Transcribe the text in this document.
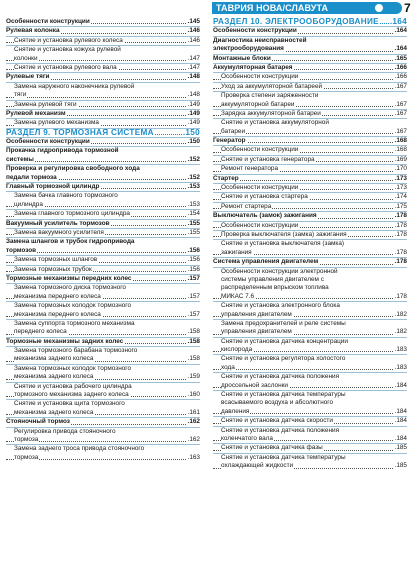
ТАВРИЯ НОВА/СЛАВУТА	7
Особенности конструкции	.145
Рулевая колонка	.146
Снятие и установка рулевого колеса	.146
Снятие и установка кожуха рулевой
колонки	.147
Снятие и установка рулевого вала	.147
Рулевые тяги	.148
Замена наружного наконечника рулевой
тяги	.148
Замена рулевой тяги	.149
Рулевой механизм	.149
Замена рулевого механизма	.149
РАЗДЕЛ 9. ТОРМОЗНАЯ СИСТЕМА	.150
Особенности конструкции	.150
Прокачка гидропривода тормозной
системы	.152
Проверка и регулировка свободного хода
педали тормоза	.152
Главный тормозной цилиндр	.153
Замена бачка главного тормозного
цилиндра	.153
Замена главного тормозного цилиндра	.154
Вакуумный усилитель тормозов	.155
Замена вакуумного усилителя	.155
Замена шлангов и трубок гидропривода
тормозов	.156
Замена тормозных шлангов	.156
Замена тормозных трубок	.156
Тормозные механизмы передних колес	.157
Замена тормозного диска тормозного
механизма переднего колеса	.157
Замена тормозных колодок тормозного
механизма переднего колеса	.157
Замена суппорта тормозного механизма
переднего колеса	.158
Тормозные механизмы задних колес	.158
Замена тормозного барабана тормозного
механизма заднего колеса	.158
Замена тормозных колодок тормозного
механизма заднего колеса	.159
Снятие и установка рабочего цилиндра
тормозного механизма заднего колеса	.160
Снятие и установка щита тормозного
механизма заднего колеса	.161
Стояночный тормоз	.162
Регулировка привода стояночного
тормоза	.162
Замена заднего троса привода стояночного
тормоза	.163
РАЗДЕЛ 10. ЭЛЕКТРООБОРУДОВАНИЕ .164
Особенности конструкции	.164
Диагностика неисправностей
электрооборудования	.164
Монтажные блоки	.165
Аккумуляторная батарея	.166
Особенности конструкции	.166
Уход за аккумуляторной батареей	.167
Проверка степени заряженности
аккумуляторной батареи	.167
Зарядка аккумуляторной батареи	.167
Снятие и установка аккумуляторной
батареи	.167
Генератор	.168
Особенности конструкции	.168
Снятие и установка генератора	.169
Ремонт генератора	.170
Стартер	.173
Особенности конструкции	.173
Снятие и установка стартера	.174
Ремонт стартера	.175
Выключатель (замок) зажигания	.178
Особенности конструкции	.178
Проверка выключателя (замка) зажигания	.178
Снятие и установка выключателя (замка)
зажигания	.178
Система управления двигателем	.178
Особенности конструкции электронной
системы управления двигателем с
распределенным впрыском топлива
МИКАС 7.6	.178
Снятие и установка электронного блока
управления двигателем	.182
Замена предохранителей и реле системы
управления двигателем	.182
Снятие и установка датчика концентрации
кислорода	.183
Снятие и установка регулятора холостого
хода	.183
Снятие и установка датчика положения
дроссельной заслонки	.184
Снятие и установка датчика температуры
всасываемого воздуха и абсолютного
давления	.184
Снятие и установка датчика скорости	.184
Снятие и установка датчика положения
коленчатого вала	.184
Снятие и установка датчика фазы	.185
Снятие и установка датчика температуры
охлаждающей жидкости	.185
